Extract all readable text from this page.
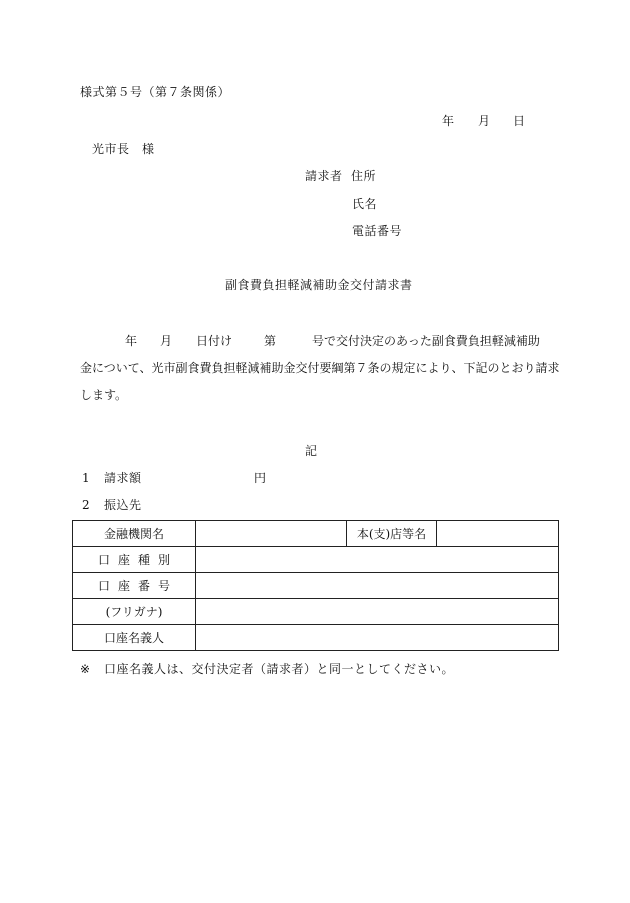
様式第５号（第７条関係）
年 月 日
光市長　様
請求者 住所
氏名
電話番号
副食費負担軽減補助金交付請求書
年 月 日付け	第	号で交付決定のあった副食費負担軽減補助
金について、光市副食費負担軽減補助金交付要綱第７条の規定により、下記のとおり請求
します。
記
1 請求額	円
2 振込先
金融機関名		本(支)店等名	
口座種別			
口座番号			
(フリガナ)			
口座名義人			
※ 口座名義人は、交付決定者（請求者）と同一としてください。
